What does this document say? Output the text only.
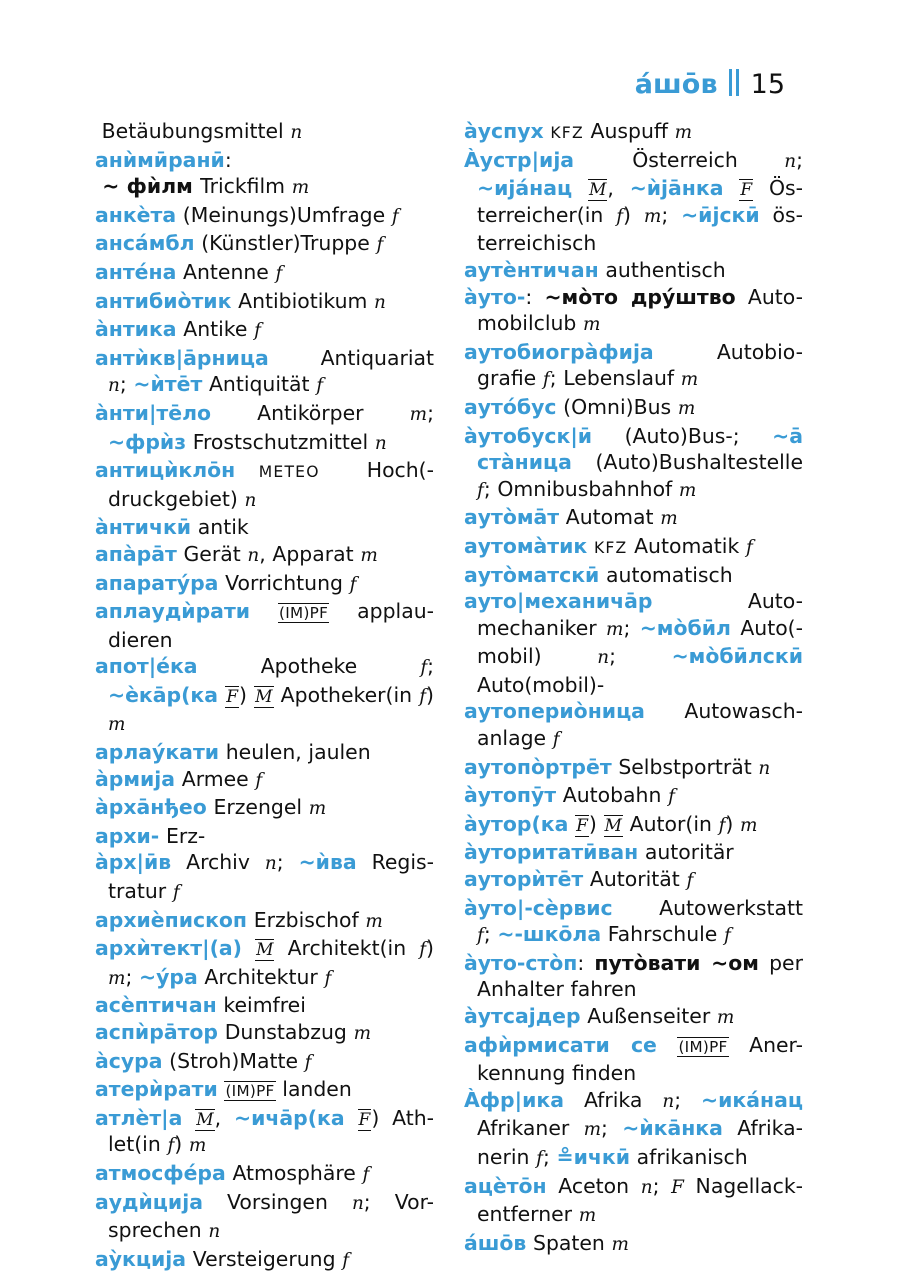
áшōв 15

Betäubungsmittel n

анѝмӣранӣ:

~ фѝлм Trickfilm m

анкѐта (Meinungs)Umfrage f

ансáмбл (Künstler)Truppe f

антéна Antenne f

антибиòтик Antibiotikum n

àнтика Antike f

антѝкв|āрница     Antiquariat n; ~ѝтēт Antiquität f

àнти|тēло    Antikörper    m; ~фрѝз Frostschutzmittel n

антицѝклōн METEO    Hoch(-druckgebiet) n

àнтичкӣ antik

апàрāт Gerät n, Apparat m

апаратýра Vorrichtung f

аплаудѝрати (IM)PF  applau-dieren

апот|éка      Apotheke      f; ~èкāр(ка F) M Apotheker(in f) m

арлаýкати heulen, jaulen

àрмија Armee f

àрхāнђео Erzengel m

архи- Erz-

àрх|ӣв Archiv n; ~ѝва Regis-tratur f

архиѐпископ Erzbischof m

архѝтект|(а) M Architekt(in f) m; ~ýра Architektur f

асѐптичан keimfrei

аспѝрāтор Dunstabzug m

àсура (Stroh)Matte f

атерѝрати (IM)PF landen

атлѐт|а M, ~ичāр(ка F) Ath-let(in f) m

атмосфéра Atmosphäre f

аудѝција Vorsingen n; Vor-sprechen n

аỳкција Versteigerung f

àуспух KFZ Auspuff m

Àустр|ија     Österreich    n; ~ијáнац M, ~ѝјāнка F Ös-terreicher(in f) m; ~ӣјскӣ ös-terreichisch

аутѐнтичан authentisch

àуто-: ~мòто дрýштво Auto-mobilclub m

аутобиогрàфија     Autobio-grafie f; Lebenslauf m

аутóбус (Omni)Bus m

àутобуск|ӣ   (Auto)Bus-;   ~ā стàница   (Auto)Bushaltestelle f; Omnibusbahnhof m

аутòмāт Automat m

аутомàтик KFZ Automatik f

аутòматскӣ automatisch

ауто|механичāр       Auto-mechaniker m; ~мòбӣл Auto(-mobil) n; ~мòбӣлскӣ Auto(mobil)-

аутопериòница Autowasch-anlage f

аутопòртрēт Selbstporträt n

àутопӯт Autobahn f

àутор(ка F) M Autor(in f) m

àуторитатӣван autoritär

ауторѝтēт Autorität f

àуто|-сѐрвис    Autowerkstatt f; ~-шкōла Fahrschule f

àуто-стòп: путòвати ~ом per Anhalter fahren

àутсајдер Außenseiter m

афѝрмисати се (IM)PF Aner-kennung finden

Àфр|ика Afrika n; ~икáнац Afrikaner m; ~ѝкāнка Afrika-nerin f; ≗ичкӣ afrikanisch

ацѐтōн Aceton n; F Nagellack-entferner m

áшōв Spaten m
